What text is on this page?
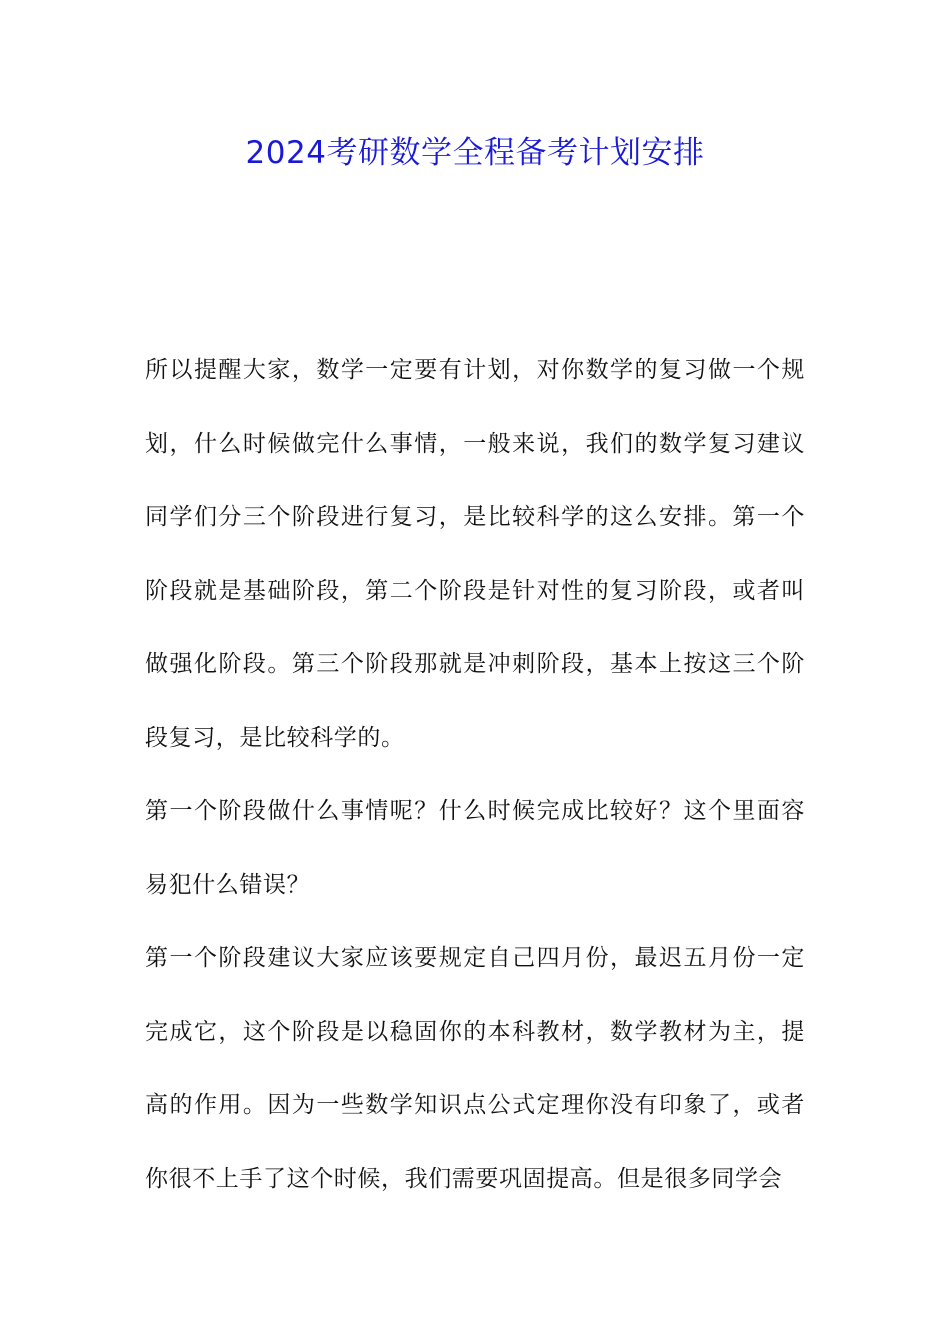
2024考研数学全程备考计划安排

所以提醒大家，数学一定要有计划，对你数学的复习做一个规划，什么时候做完什么事情，一般来说，我们的数学复习建议同学们分三个阶段进行复习，是比较科学的这么安排。第一个阶段就是基础阶段，第二个阶段是针对性的复习阶段，或者叫做强化阶段。第三个阶段那就是冲刺阶段，基本上按这三个阶段复习，是比较科学的。

第一个阶段做什么事情呢？什么时候完成比较好？这个里面容易犯什么错误？

第一个阶段建议大家应该要规定自己四月份，最迟五月份一定完成它，这个阶段是以稳固你的本科教材，数学教材为主，提高的作用。因为一些数学知识点公式定理你没有印象了，或者你很不上手了这个时候，我们需要巩固提高。但是很多同学会
